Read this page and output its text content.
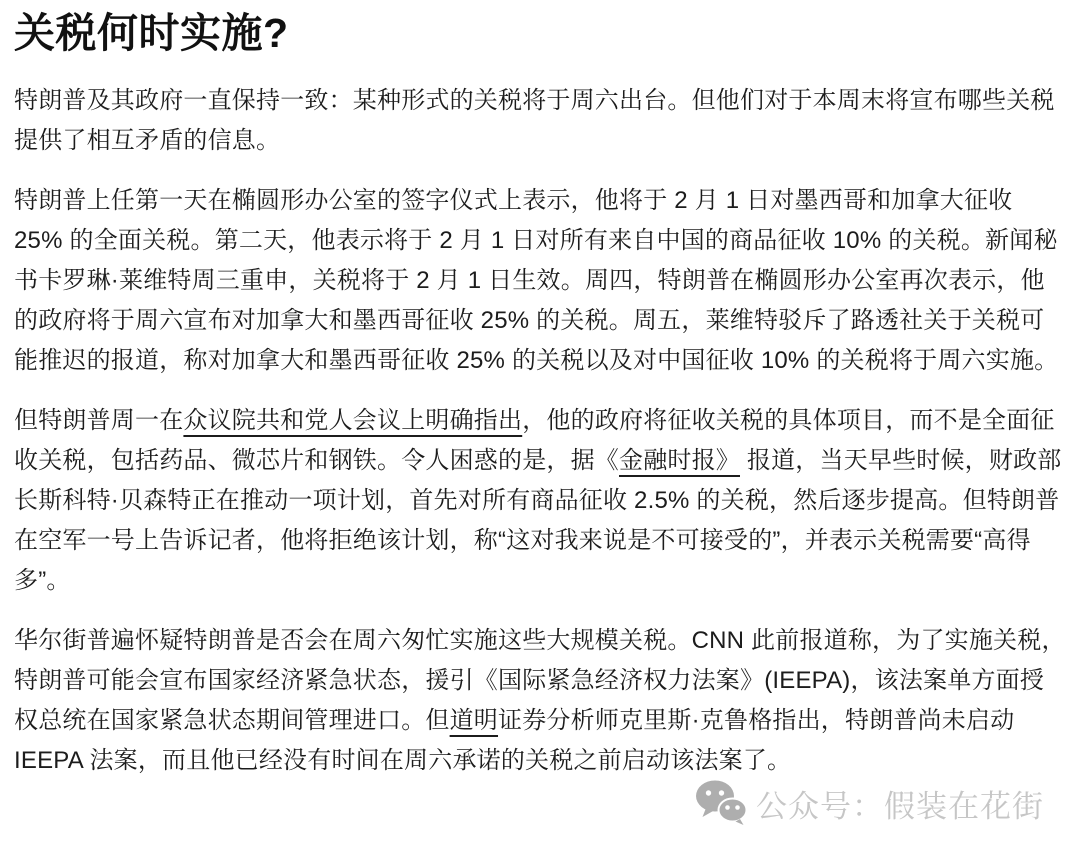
关税何时实施?

特朗普及其政府一直保持一致：某种形式的关税将于周六出台。但他们对于本周末将宣布哪些关税提供了相互矛盾的信息。

特朗普上任第一天在椭圆形办公室的签字仪式上表示，他将于 2 月 1 日对墨西哥和加拿大征收 25% 的全面关税。第二天，他表示将于 2 月 1 日对所有来自中国的商品征收 10% 的关税。新闻秘书卡罗琳·莱维特周三重申，关税将于 2 月 1 日生效。周四，特朗普在椭圆形办公室再次表示，他的政府将于周六宣布对加拿大和墨西哥征收 25% 的关税。周五，莱维特驳斥了路透社关于关税可能推迟的报道，称对加拿大和墨西哥征收 25% 的关税以及对中国征收 10% 的关税将于周六实施。

但特朗普周一在众议院共和党人会议上明确指出，他的政府将征收关税的具体项目，而不是全面征收关税，包括药品、微芯片和钢铁。令人困惑的是，据《金融时报》 报道，当天早些时候，财政部长斯科特·贝森特正在推动一项计划，首先对所有商品征收 2.5% 的关税，然后逐步提高。但特朗普在空军一号上告诉记者，他将拒绝该计划，称“这对我来说是不可接受的”，并表示关税需要“高得多”。

华尔街普遍怀疑特朗普是否会在周六匆忙实施这些大规模关税。CNN 此前报道称，为了实施关税，特朗普可能会宣布国家经济紧急状态，援引《国际紧急经济权力法案》(IEEPA)，该法案单方面授权总统在国家紧急状态期间管理进口。但道明证券分析师克里斯·克鲁格指出，特朗普尚未启动 IEEPA 法案，而且他已经没有时间在周六承诺的关税之前启动该法案了。

公众号：假装在花街
